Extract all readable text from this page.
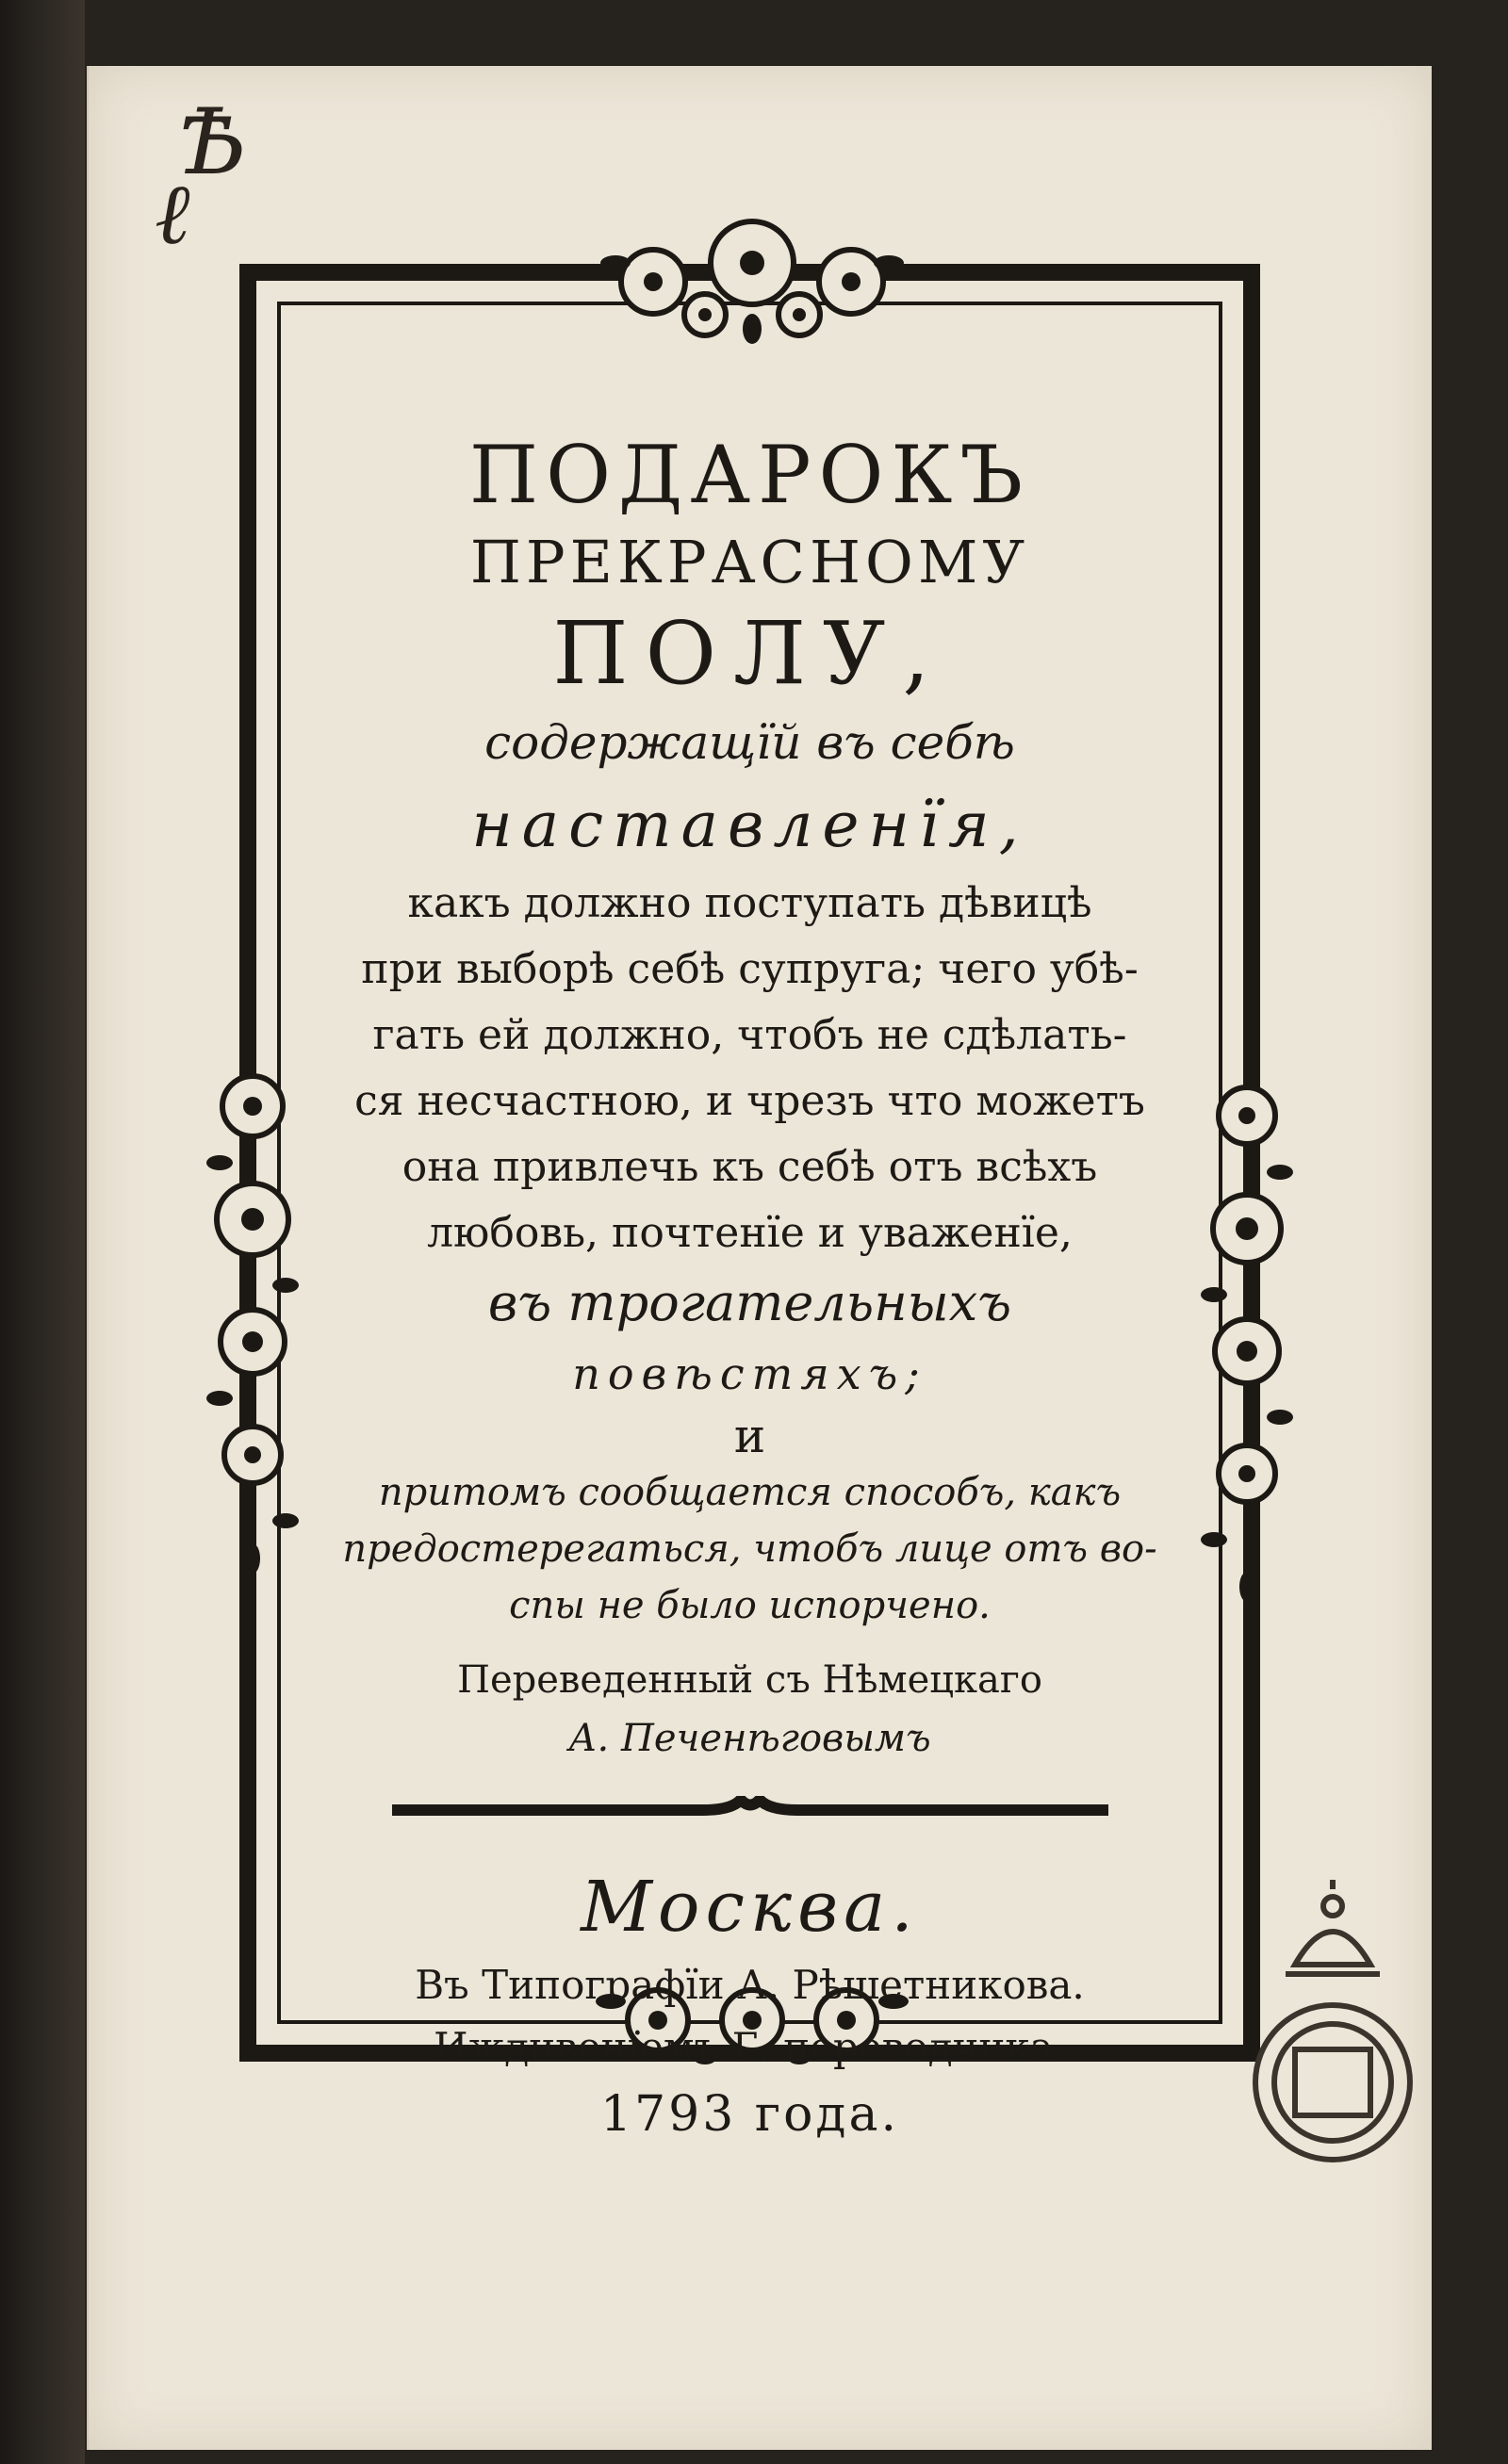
Ѣ
ℓ
ПОДАРОКЪ
ПРЕКРАСНОМУ
ПОЛУ,
содержащїй въ себѣ
наставленїя,
какъ должно поступать дѣвицѣ
при выборѣ себѣ супруга; чего убѣ-
гать ей должно, чтобъ не сдѣлать-
ся несчастною, и чрезъ что можетъ
она привлечь къ себѣ отъ всѣхъ
любовь, почтенїе и уваженїе,
въ трогательныхъ
повѣстяхъ;
и
притомъ сообщается способъ, какъ
предостерегаться, чтобъ лице отъ во-
спы не было испорчено.
Переведенный съ Нѣмецкаго
А. Печенѣговымъ
Москва.
Въ Типографїи А. Рѣшетникова.
Иждивенїемъ Г. переводчика.
1793 года.
